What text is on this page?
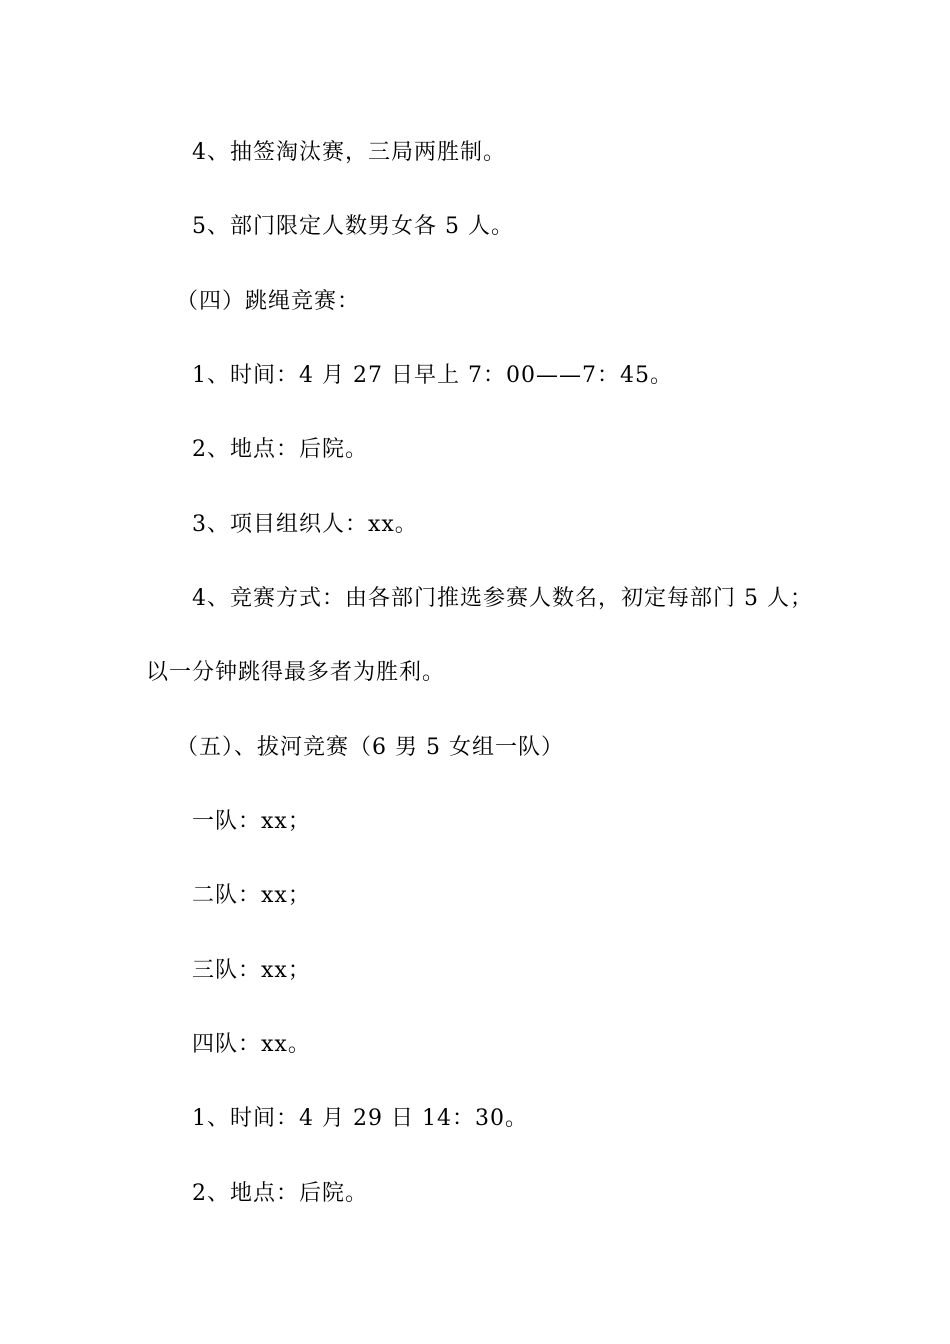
4、抽签淘汰赛，三局两胜制。
5、部门限定人数男女各 5 人。
（四）跳绳竞赛：
1、时间：4 月 27 日早上 7：00——7：45。
2、地点：后院。
3、项目组织人：xx。
4、竞赛方式：由各部门推选参赛人数名，初定每部门 5 人；
以一分钟跳得最多者为胜利。
（五）、拔河竞赛（6 男 5 女组一队）
一队：xx；
二队：xx；
三队：xx；
四队：xx。
1、时间：4 月 29 日 14：30。
2、地点：后院。
